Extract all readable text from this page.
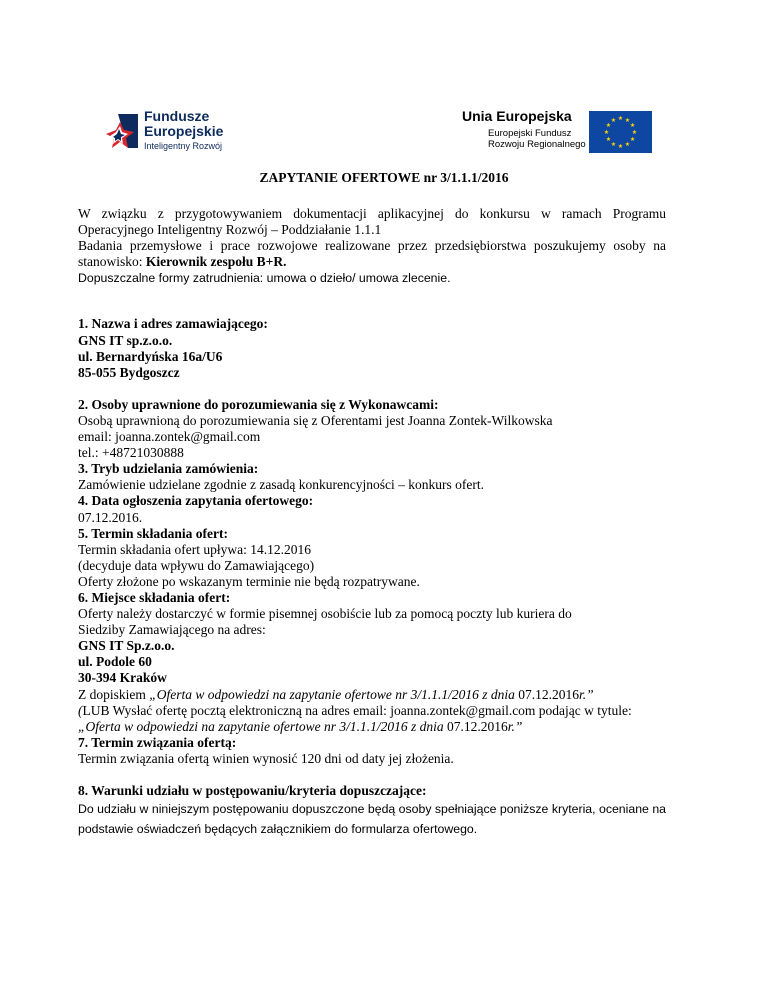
Fundusze
Europejskie
Inteligentny Rozwój
Unia Europejska
Europejski Fundusz
Rozwoju Regionalnego
★ ★
★
★
★
★
★
★
★
★
★
★
ZAPYTANIE OFERTOWE nr 3/1.1.1/2016

W związku z przygotowywaniem dokumentacji aplikacyjnej do konkursu w ramach Programu Operacyjnego Inteligentny Rozwój – Poddziałanie 1.1.1

Badania przemysłowe i prace rozwojowe realizowane przez przedsiębiorstwa poszukujemy osoby na stanowisko: Kierownik zespołu B+R.

Dopuszczalne formy zatrudnienia: umowa o dzieło/ umowa zlecenie.

1. Nazwa i adres zamawiającego:

GNS IT sp.z.o.o.

ul. Bernardyńska 16a/U6

85-055 Bydgoszcz

2. Osoby uprawnione do porozumiewania się z Wykonawcami:

Osobą uprawnioną do porozumiewania się z Oferentami jest Joanna Zontek-Wilkowska

email: joanna.zontek@gmail.com

tel.: +48721030888

3. Tryb udzielania zamówienia:

Zamówienie udzielane zgodnie z zasadą konkurencyjności – konkurs ofert.

4. Data ogłoszenia zapytania ofertowego:

07.12.2016.

5. Termin składania ofert:

Termin składania ofert upływa: 14.12.2016

(decyduje data wpływu do Zamawiającego)

Oferty złożone po wskazanym terminie nie będą rozpatrywane.

6. Miejsce składania ofert:

Oferty należy dostarczyć w formie pisemnej osobiście lub za pomocą poczty lub kuriera do

Siedziby Zamawiającego na adres:

GNS IT Sp.z.o.o.

ul. Podole 60

30-394 Kraków

Z dopiskiem „Oferta w odpowiedzi na zapytanie ofertowe nr 3/1.1.1/2016 z dnia 07.12.2016r.”

(LUB Wysłać ofertę pocztą elektroniczną na adres email: joanna.zontek@gmail.com podając w tytule:

„Oferta w odpowiedzi na zapytanie ofertowe nr 3/1.1.1/2016 z dnia 07.12.2016r.”

7. Termin związania ofertą:

Termin związania ofertą winien wynosić 120 dni od daty jej złożenia.

8. Warunki udziału w postępowaniu/kryteria dopuszczające:

Do udziału w niniejszym postępowaniu dopuszczone będą osoby spełniające poniższe kryteria, oceniane na podstawie oświadczeń będących załącznikiem do formularza ofertowego.
